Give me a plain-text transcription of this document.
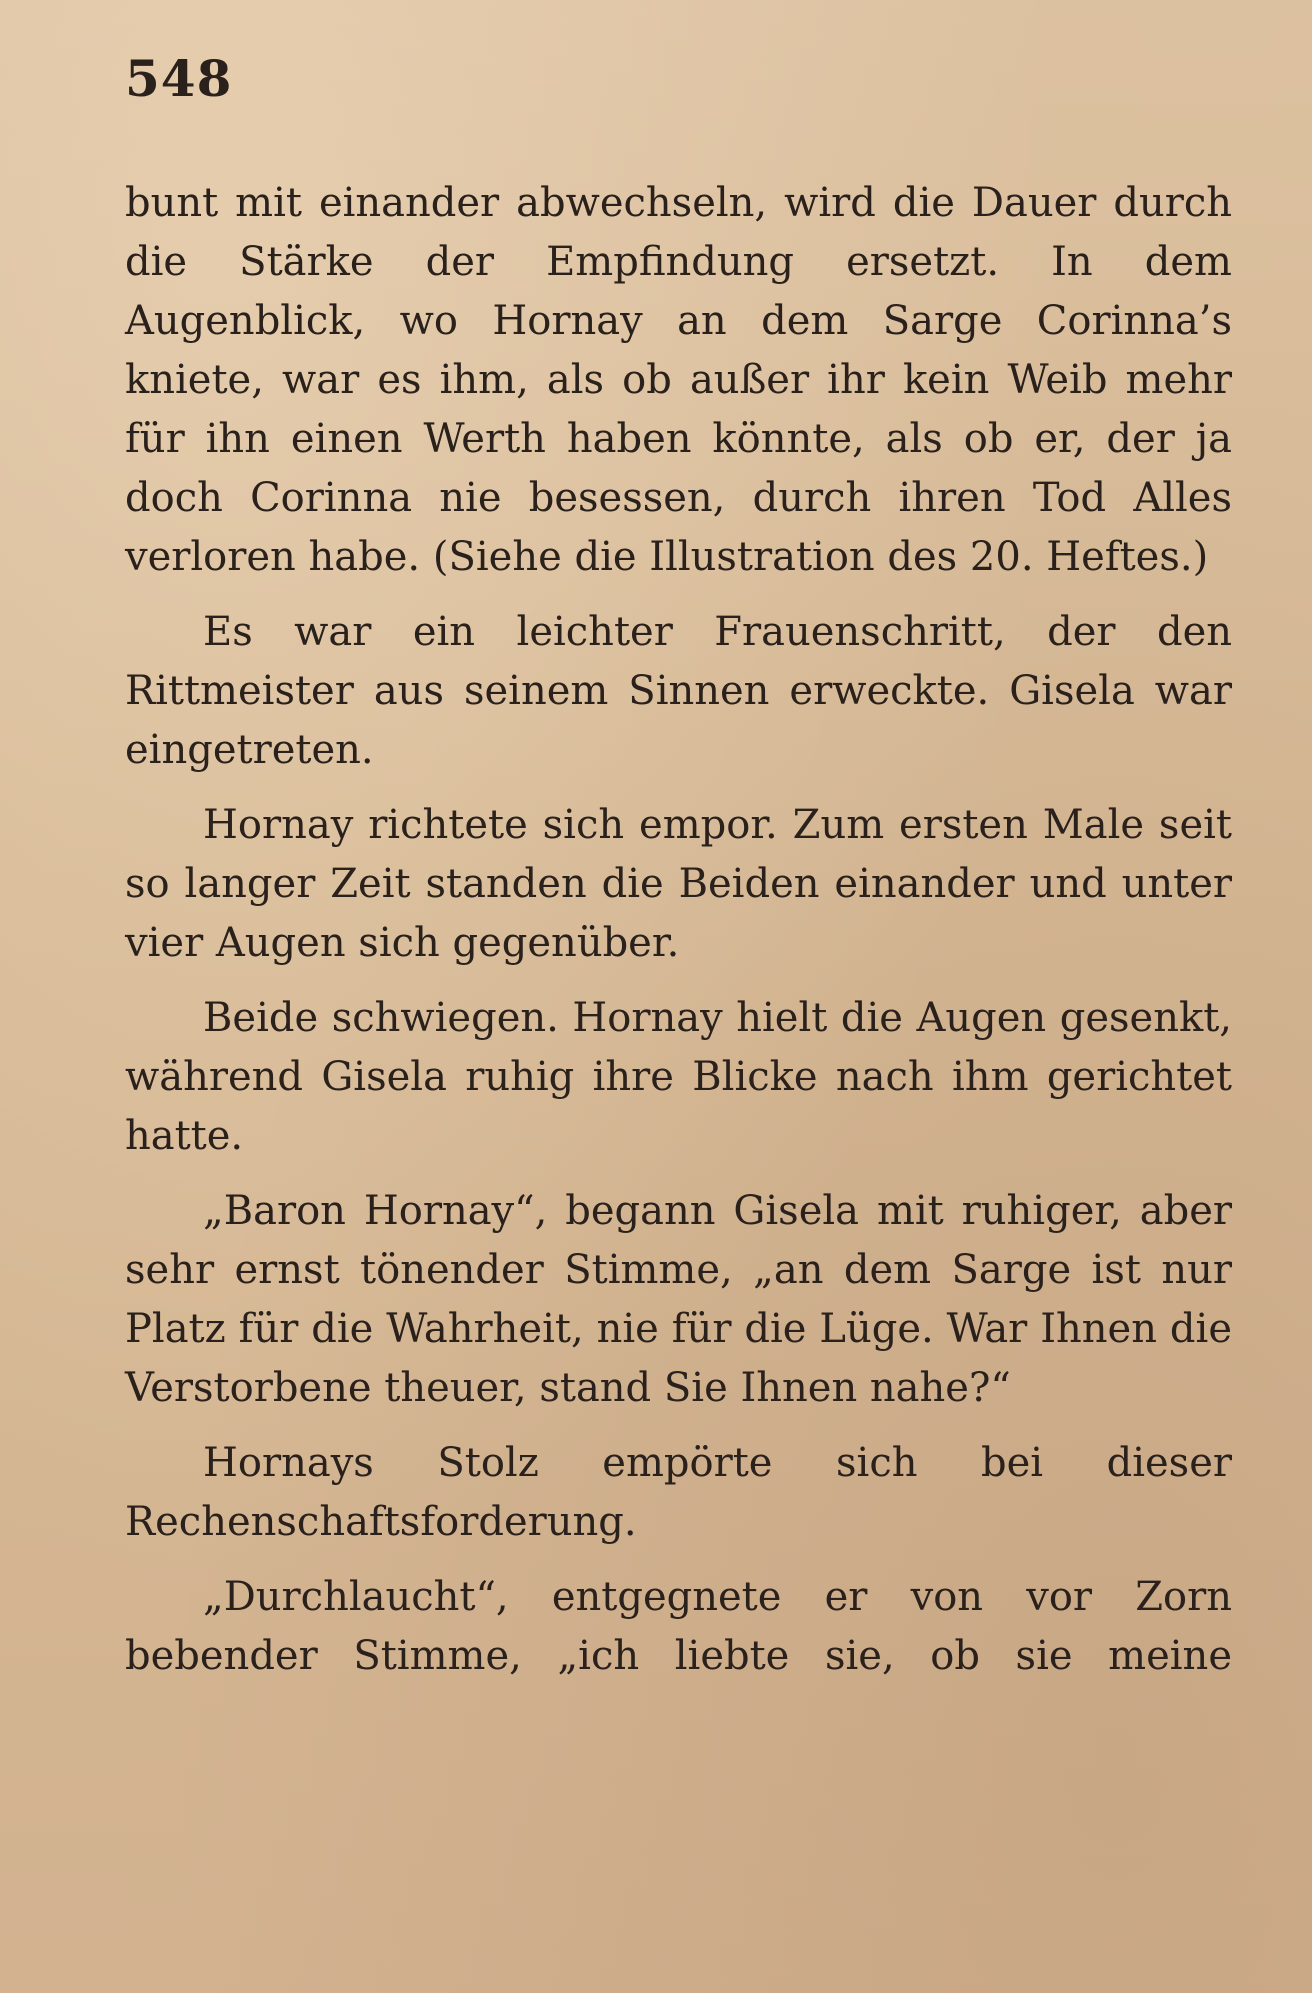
548

bunt mit einander abwechseln, wird die Dauer durch die Stärke der Empfindung ersetzt. In dem Augenblick, wo Hornay an dem Sarge Corinna’s kniete, war es ihm, als ob außer ihr kein Weib mehr für ihn einen Werth haben könnte, als ob er, der ja doch Corinna nie besessen, durch ihren Tod Alles verloren habe. (Siehe die Illustration des 20. Heftes.)

Es war ein leichter Frauenschritt, der den Rittmeister aus seinem Sinnen erweckte. Gisela war eingetreten.

Hornay richtete sich empor. Zum ersten Male seit so langer Zeit standen die Beiden einander und unter vier Augen sich gegenüber.

Beide schwiegen. Hornay hielt die Augen gesenkt, während Gisela ruhig ihre Blicke nach ihm gerichtet hatte.

„Baron Hornay“, begann Gisela mit ruhiger, aber sehr ernst tönender Stimme, „an dem Sarge ist nur Platz für die Wahrheit, nie für die Lüge. War Ihnen die Verstorbene theuer, stand Sie Ihnen nahe?“

Hornays Stolz empörte sich bei dieser Rechenschaftsforderung.

„Durchlaucht“, entgegnete er von vor Zorn bebender Stimme, „ich liebte sie, ob sie meine
